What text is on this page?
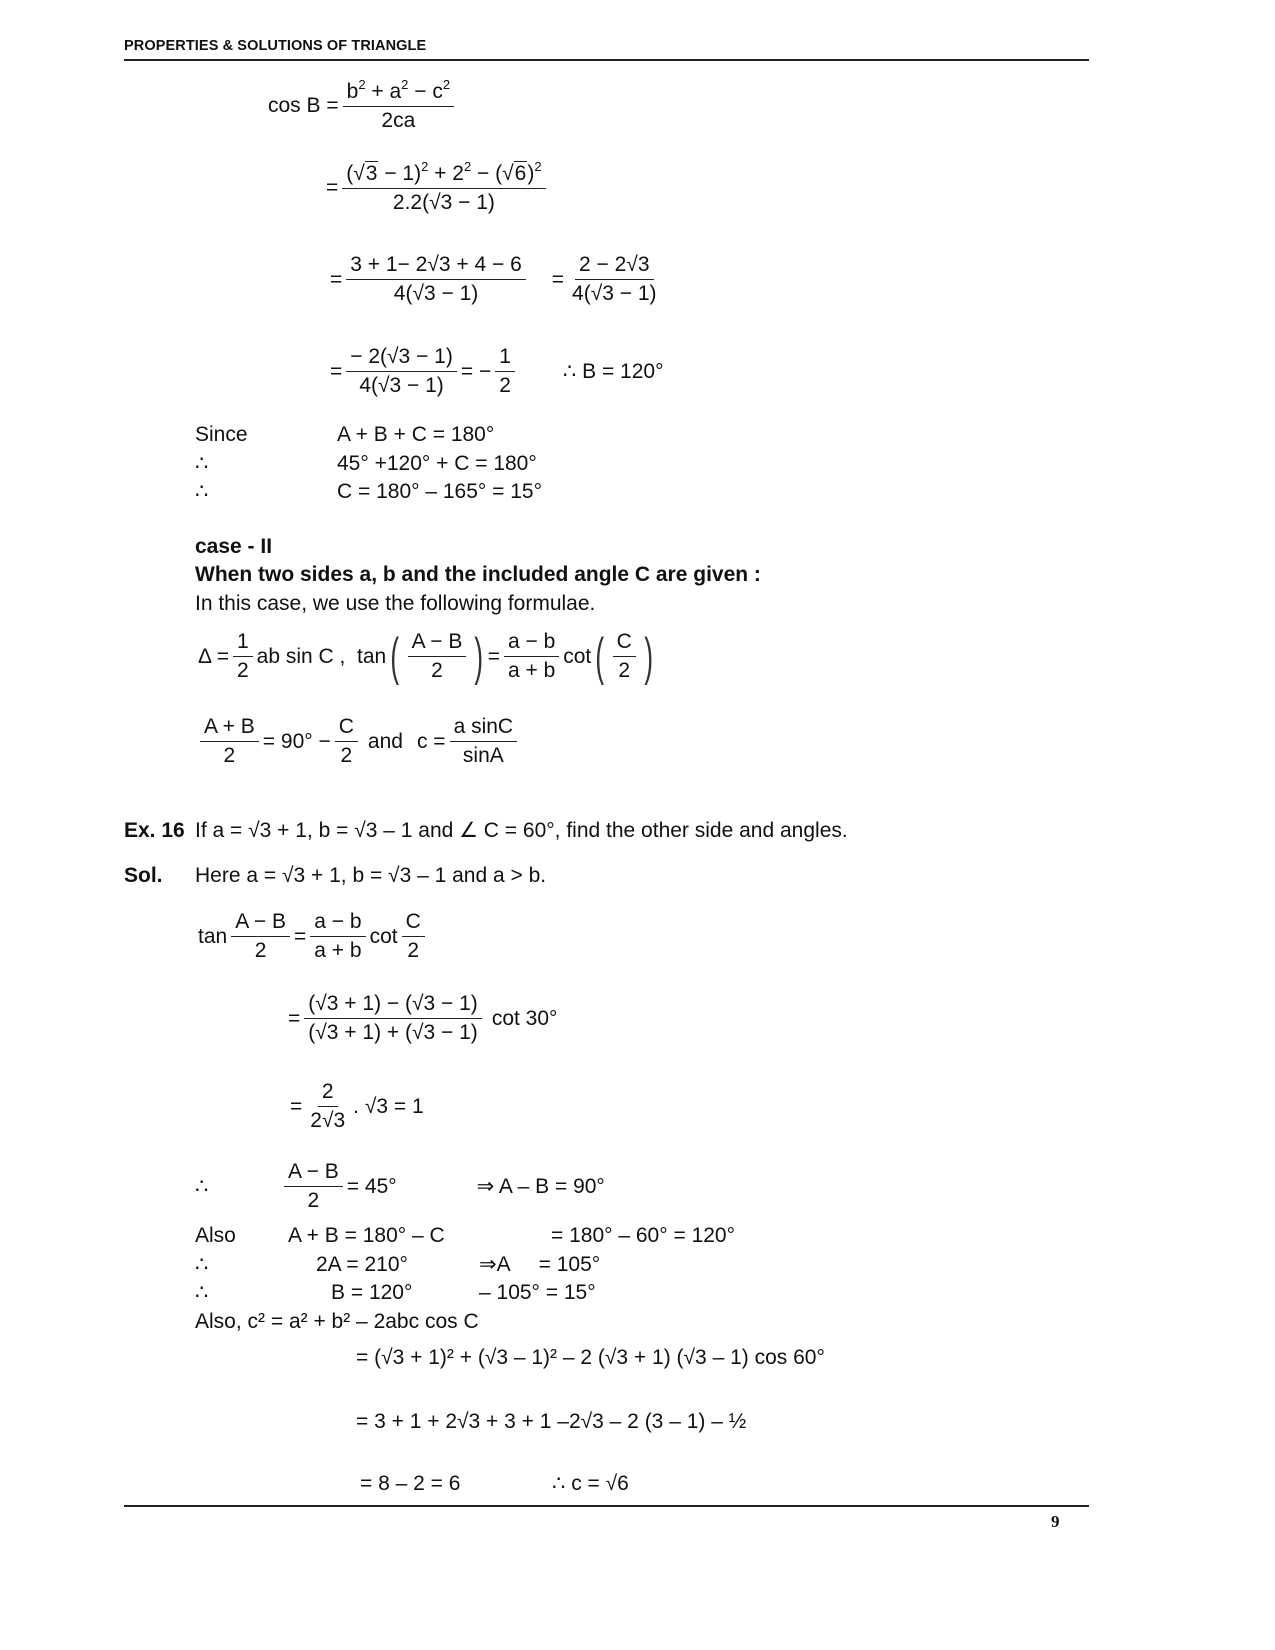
PROPERTIES & SOLUTIONS OF TRIANGLE
$\cos B = \frac{b^2 + a^2 - c^2}{2ca}$
= $\frac{(√3 - 1)^2 + 2^2 - (√6)^2}{2.2(√3 - 1)}$
= $\frac{3 + 1- 2√3 + 4 - 6}{4(√3 - 1)} = \frac{2 - 2√3}{4(√3 - 1)}$
= $\frac{- 2(√3 - 1)}{4(√3 - 1)}$ = − $\frac{1}{2}$ ∴ B = 120°
Since	A + B + C = 180°
∴	45° +120° + C = 180°
∴	C = 180° – 165° = 15°
case - II
When two sides a, b and the included angle C are given :
In this case, we use the following formulae.
$\Delta = \frac{1}{2}$ ab sin C ,  tan ( $\frac{A - B}{2}$ ) = $\frac{a - b}{a + b}$ cot ( $\frac{C}{2}$ )
$\frac{A + B}{2} = 90^\circ - \frac{C}{2}$ and $c = \frac{\text{a sinC}}{\sin A}$
Ex. 16 If a = √3 + 1, b = √3 – 1 and ∠ C = 60°, find the other side and angles.
Sol.	Here a = √3 + 1, b = √3 – 1 and a > b.
$\tan \frac{A - B}{2} = \frac{a - b}{a + b}$ $\cot \frac{C}{2}$
= $\frac{(√3 + 1) - (√3 - 1)}{(√3 + 1) + (√3 - 1)}$ cot 30°
= $\frac{2}{2√3}$ . √3 = 1
∴	$\frac{A - B}{2} = 45^\circ$	⇒ A – B = 90°
Also	A + B = 180° – C	= 180° – 60° = 120°
∴	2A = 210°	⇒A     = 105°
∴	B = 120°	– 105° = 15°
Also, c² = a² + b² – 2abc cos C
= (√3 + 1)² + (√3 – 1)² – 2 (√3 + 1) (√3 – 1) cos 60°
= 3 + 1 + 2√3 + 3 + 1 –2√3 – 2 (3 – 1) – ½
= 8 – 2 = 6	∴ c = √6
9
